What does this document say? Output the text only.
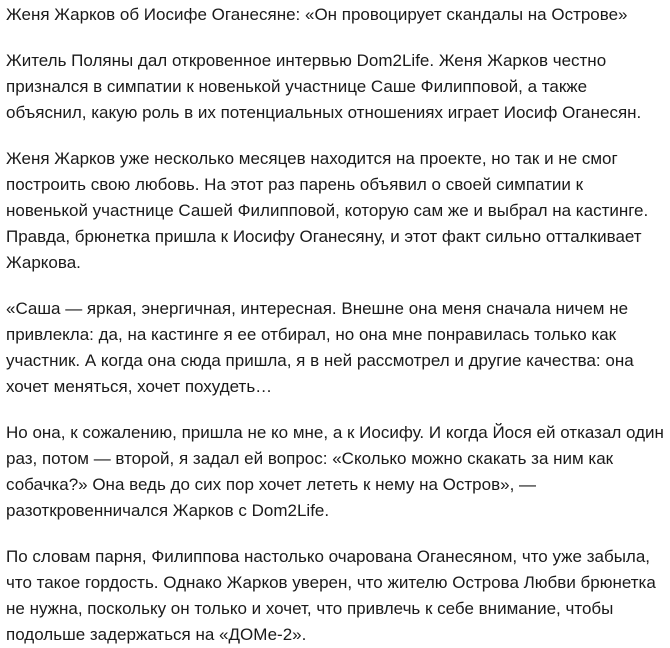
Женя Жарков об Иосифе Оганесяне: «Он провоцирует скандалы на Острове»

Житель Поляны дал откровенное интервью Dom2Life. Женя Жарков честно
признался в симпатии к новенькой участнице Саше Филипповой, а также
объяснил, какую роль в их потенциальных отношениях играет Иосиф Оганесян.

Женя Жарков уже несколько месяцев находится на проекте, но так и не смог
построить свою любовь. На этот раз парень объявил о своей симпатии к
новенькой участнице Сашей Филипповой, которую сам же и выбрал на кастинге.
Правда, брюнетка пришла к Иосифу Оганесяну, и этот факт сильно отталкивает
Жаркова.

«Саша — яркая, энергичная, интересная. Внешне она меня сначала ничем не
привлекла: да, на кастинге я ее отбирал, но она мне понравилась только как
участник. А когда она сюда пришла, я в ней рассмотрел и другие качества: она
хочет меняться, хочет похудеть…

Но она, к сожалению, пришла не ко мне, а к Иосифу. И когда Йося ей отказал один
раз, потом — второй, я задал ей вопрос: «Сколько можно скакать за ним как
собачка?» Она ведь до сих пор хочет лететь к нему на Остров», —
разоткровенничался Жарков с Dom2Life.

По словам парня, Филиппова настолько очарована Оганесяном, что уже забыла,
что такое гордость. Однако Жарков уверен, что жителю Острова Любви брюнетка
не нужна, поскольку он только и хочет, что привлечь к себе внимание, чтобы
подольше задержаться на «ДОМе-2».
